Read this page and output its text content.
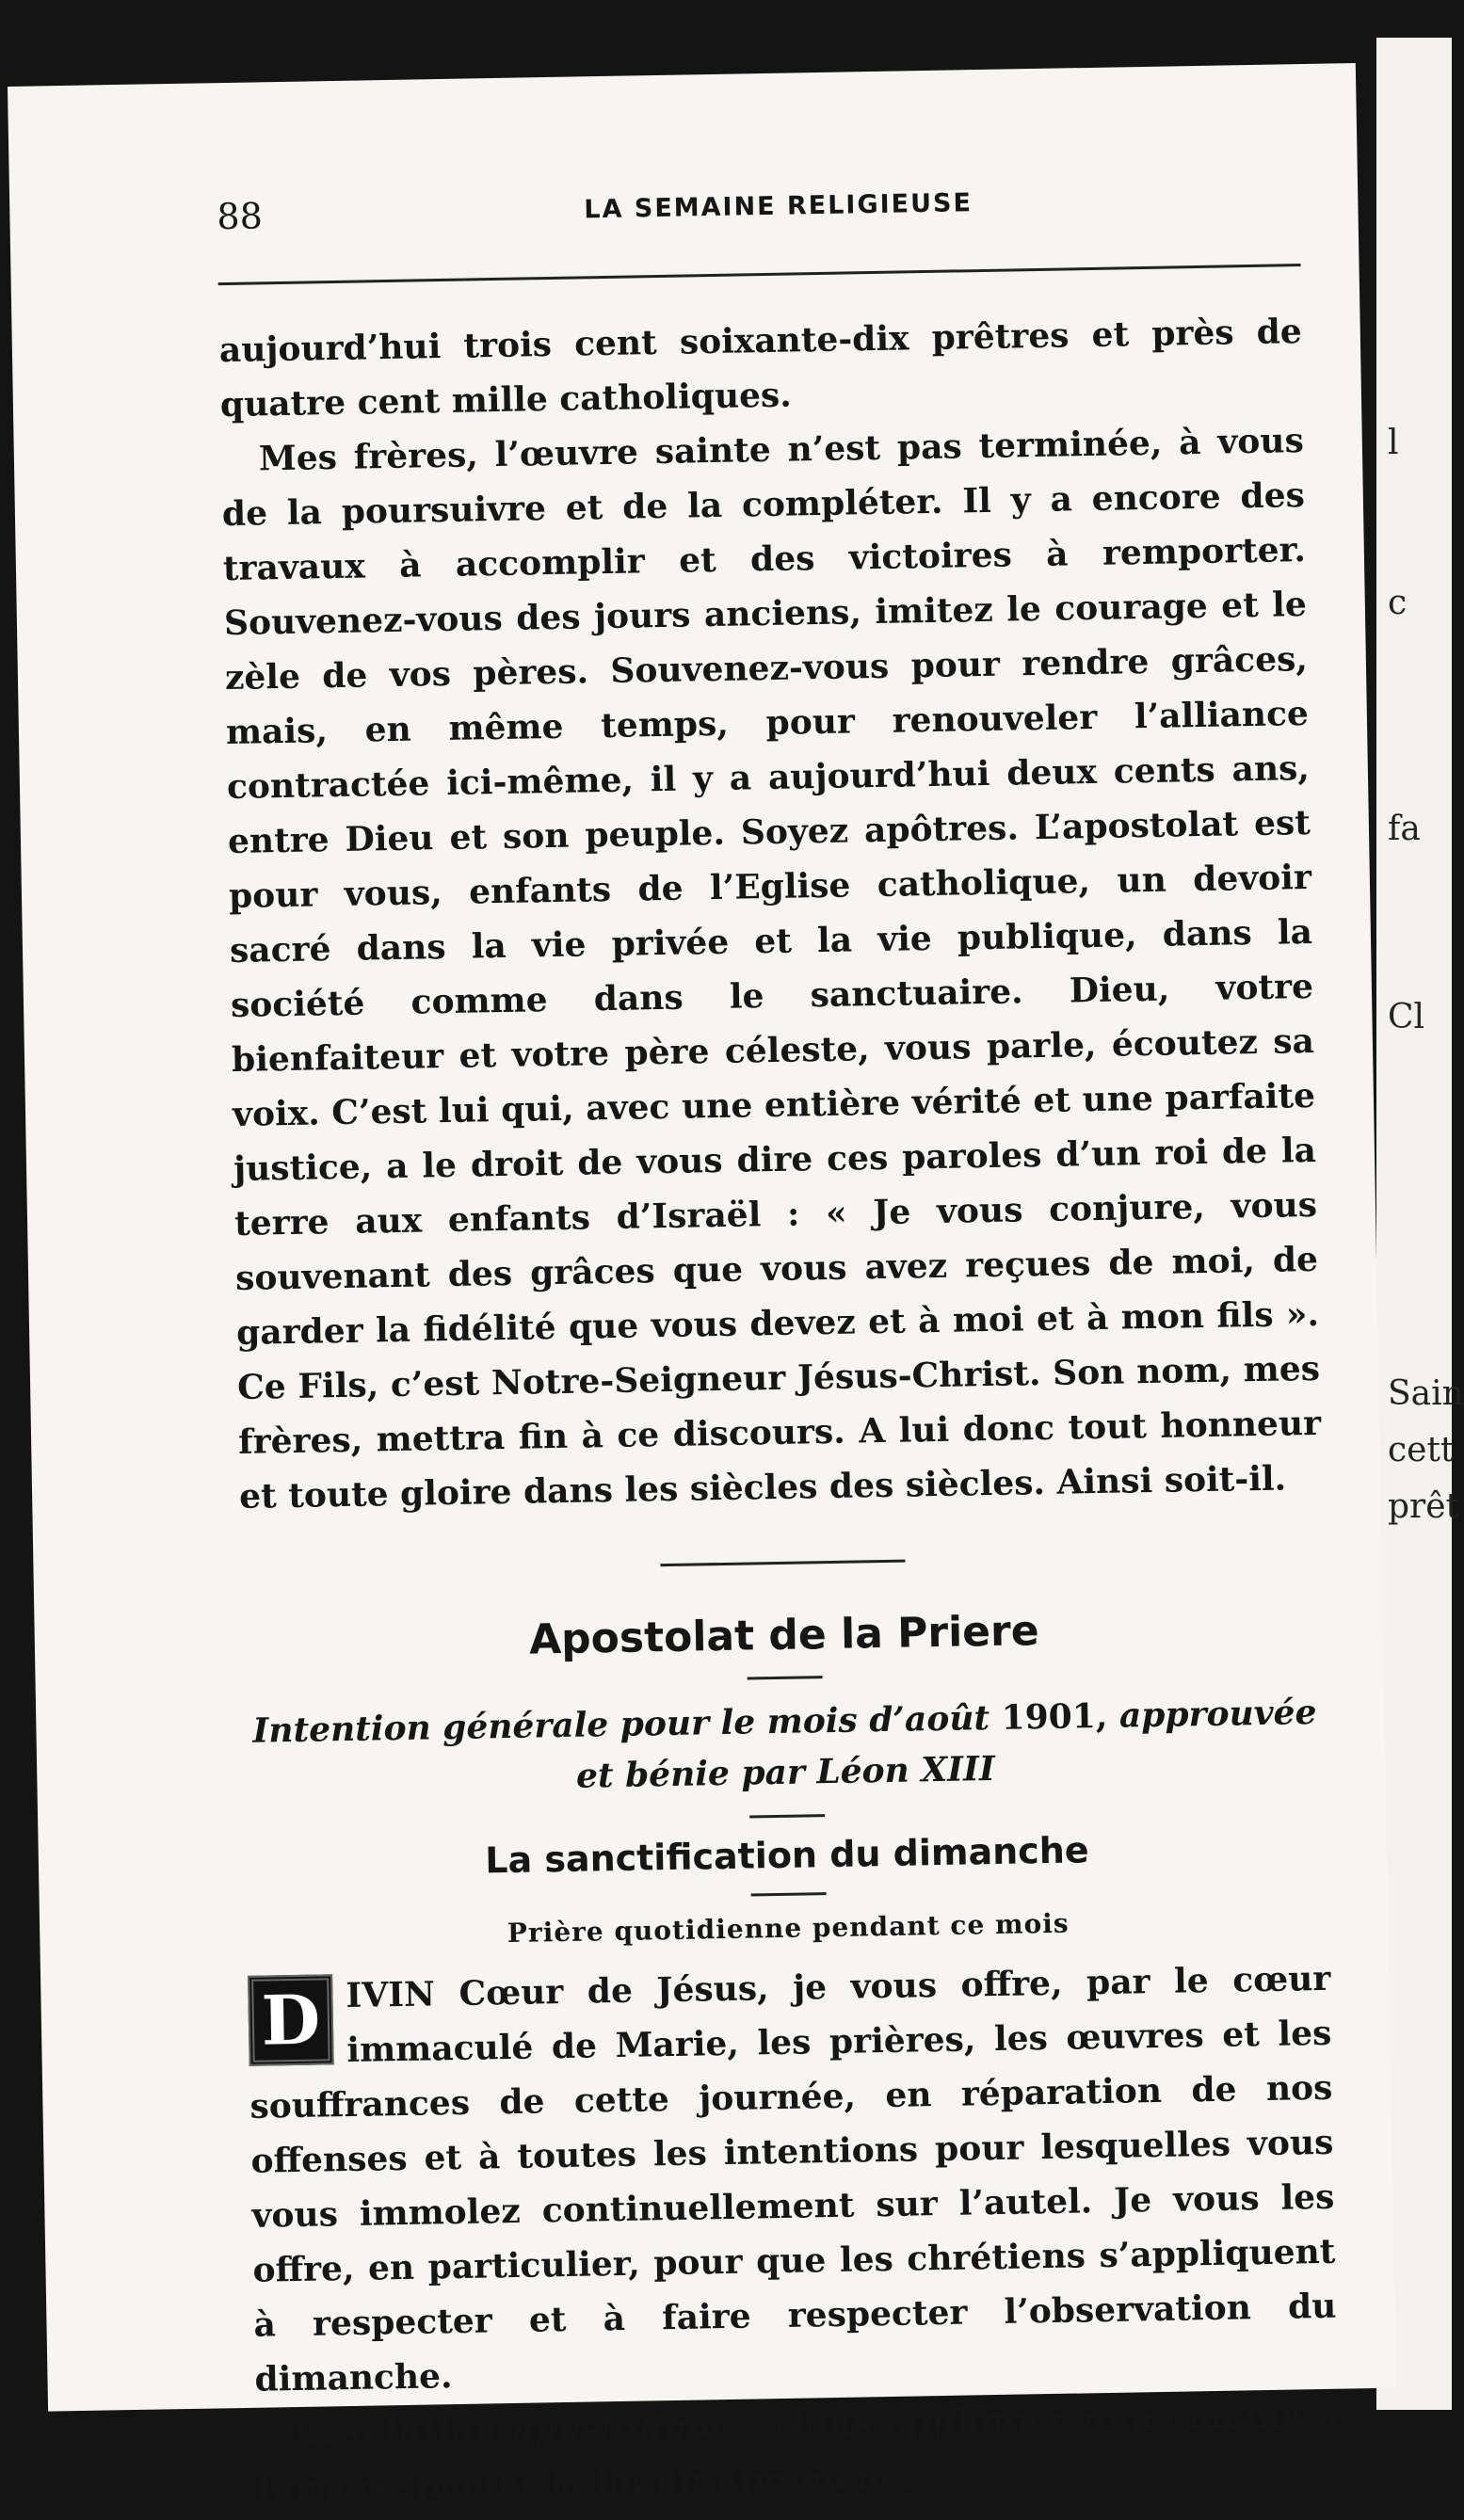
l
c
fa
Cl
Sain
cett
prêt
88	LA SEMAINE RELIGIEUSE

aujourd’hui trois cent soixante-dix prêtres et près de quatre cent mille catholiques.

Mes frères, l’œuvre sainte n’est pas terminée, à vous de la poursuivre et de la compléter. Il y a encore des travaux à accomplir et des victoires à remporter. Souvenez-vous des jours anciens, imitez le courage et le zèle de vos pères. Souvenez-vous pour rendre grâces, mais, en même temps, pour renouveler l’alliance contractée ici-même, il y a aujourd’hui deux cents ans, entre Dieu et son peuple. Soyez apôtres. L’apostolat est pour vous, enfants de l’Eglise catholique, un devoir sacré dans la vie privée et la vie publique, dans la société comme dans le sanctuaire. Dieu, votre bienfaiteur et votre père céleste, vous parle, écoutez sa voix. C’est lui qui, avec une entière vérité et une parfaite justice, a le droit de vous dire ces paroles d’un roi de la terre aux enfants d’Israël : « Je vous conjure, vous souvenant des grâces que vous avez reçues de moi, de garder la fidélité que vous devez et à moi et à mon fils ». Ce Fils, c’est Notre-Seigneur Jésus-Christ. Son nom, mes frères, mettra fin à ce discours. A lui donc tout honneur et toute gloire dans les siècles des siècles. Ainsi soit-il.

Apostolat de la Priere
Intention générale pour le mois d’août 1901, approuvée et bénie par Léon XIII
La sanctification du dimanche
Prière quotidienne pendant ce mois
D IVIN Cœur de Jésus, je vous offre, par le cœur immaculé de Marie, les prières, les œuvres et les souffrances de cette journée, en réparation de nos offenses et à toutes les intentions pour lesquelles vous vous immolez continuellement sur l’autel. Je vous les offre, en particulier, pour que les chrétiens s’appliquent à respecter et à faire respecter l’observation du dimanche.

Résolution apostolique : Nous appliquer nous-même à faire respecter la loi du dimanche.
